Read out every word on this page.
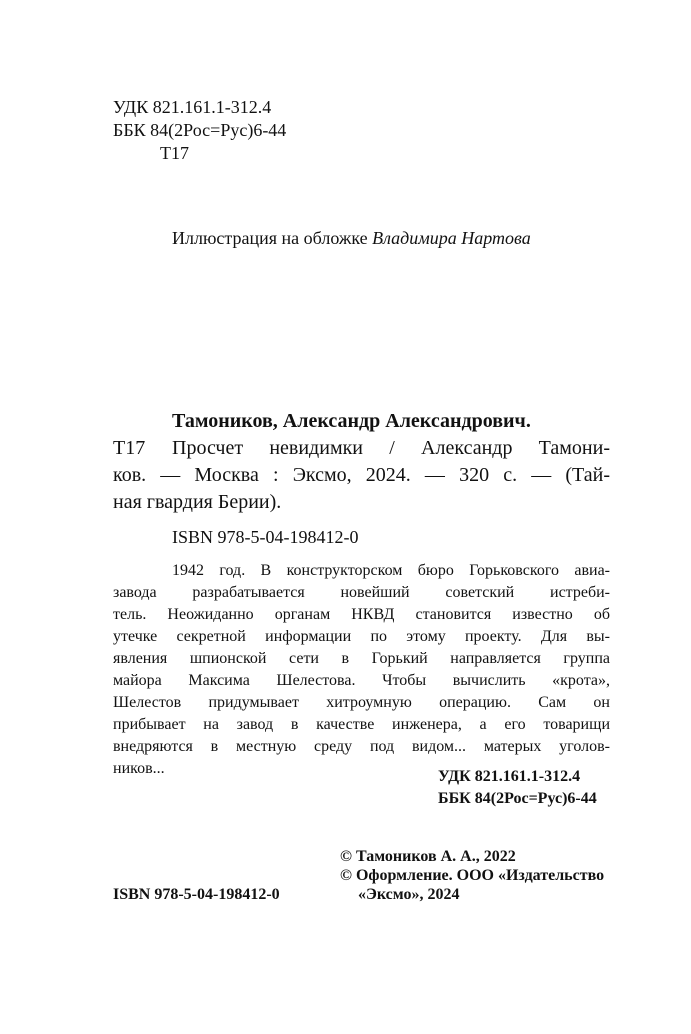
УДК 821.161.1-312.4
ББК 84(2Рос=Рус)6-44
Т17
Иллюстрация на обложке Владимира Нартова
Тамоников, Александр Александрович.
Т17 Просчет невидимки / Александр Тамони-
ков. — Москва : Эксмо, 2024. — 320 с. — (Тай-
ная гвардия Берии).
ISBN 978-5-04-198412-0
1942 год. В конструкторском бюро Горьковского авиа-
завода разрабатывается новейший советский истреби-
тель. Неожиданно органам НКВД становится известно об
утечке секретной информации по этому проекту. Для вы-
явления шпионской сети в Горький направляется группа
майора Максима Шелестова. Чтобы вычислить «крота»,
Шелестов придумывает хитроумную операцию. Сам он
прибывает на завод в качестве инженера, а его товарищи
внедряются в местную среду под видом... матерых уголов-
ников...	УДК 821.161.1-312.4
ББК 84(2Рос=Рус)6-44
ISBN 978-5-04-198412-0
© Тамоников А. А., 2022
© Оформление. ООО «Издательство
«Эксмо», 2024
